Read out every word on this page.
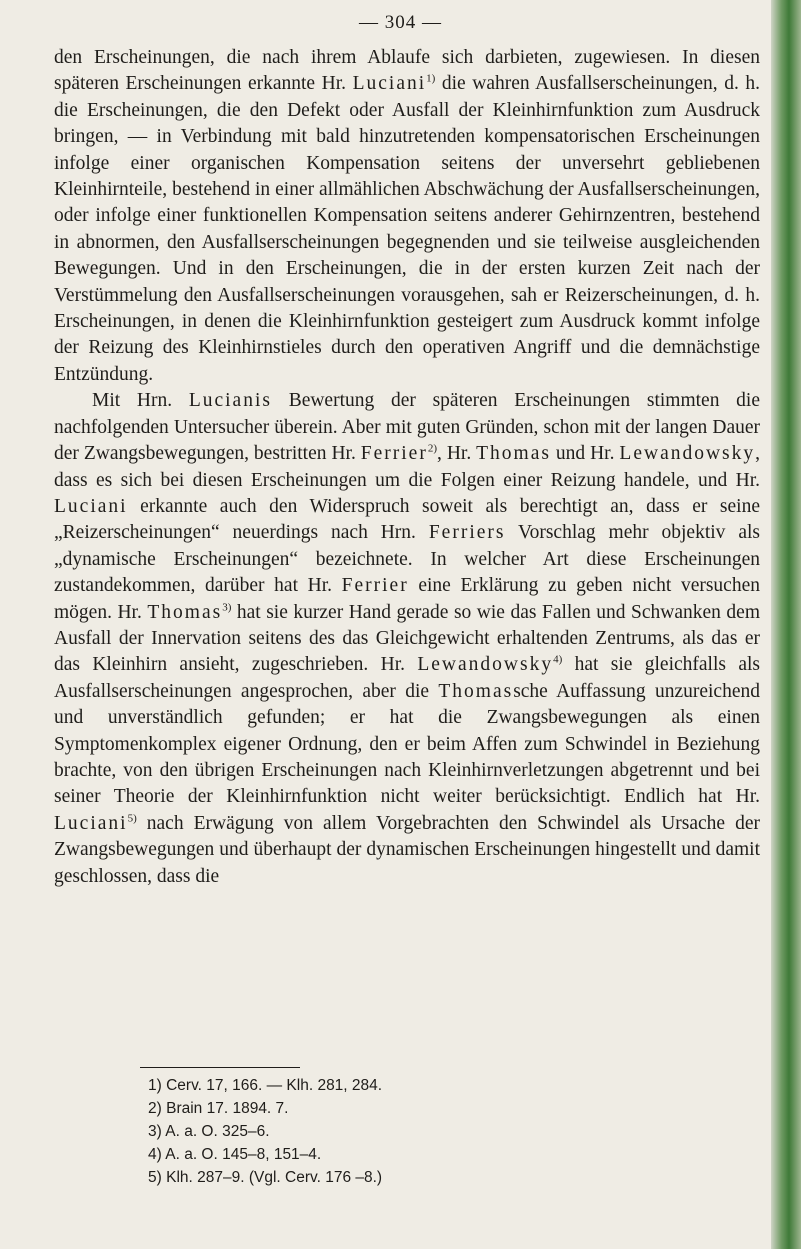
— 304 —

den Erscheinungen, die nach ihrem Ablaufe sich darbieten, zugewiesen. In diesen späteren Erscheinungen erkannte Hr. Luciani$^{1)}$ die wahren Ausfallserscheinungen, d. h. die Erscheinungen, die den Defekt oder Ausfall der Kleinhirnfunktion zum Ausdruck bringen, — in Verbindung mit bald hinzutretenden kompensatorischen Erscheinungen infolge einer organischen Kompensation seitens der unversehrt gebliebenen Kleinhirnteile, bestehend in einer allmählichen Abschwächung der Ausfallserscheinungen, oder infolge einer funktionellen Kompensation seitens anderer Gehirnzentren, bestehend in abnormen, den Ausfallserscheinungen begegnenden und sie teilweise ausgleichenden Bewegungen. Und in den Erscheinungen, die in der ersten kurzen Zeit nach der Verstümmelung den Ausfallserscheinungen vorausgehen, sah er Reizerscheinungen, d. h. Erscheinungen, in denen die Kleinhirnfunktion gesteigert zum Ausdruck kommt infolge der Reizung des Kleinhirnstieles durch den operativen Angriff und die demnächstige Entzündung.

Mit Hrn. Lucianis Bewertung der späteren Erscheinungen stimmten die nachfolgenden Untersucher überein. Aber mit guten Gründen, schon mit der langen Dauer der Zwangsbewegungen, bestritten Hr. Ferrier$^{2)}$, Hr. Thomas und Hr. Lewandowsky, dass es sich bei diesen Erscheinungen um die Folgen einer Reizung handele, und Hr. Luciani erkannte auch den Widerspruch soweit als berechtigt an, dass er seine „Reizerscheinungen“ neuerdings nach Hrn. Ferriers Vorschlag mehr objektiv als „dynamische Erscheinungen“ bezeichnete. In welcher Art diese Erscheinungen zustandekommen, darüber hat Hr. Ferrier eine Erklärung zu geben nicht versuchen mögen. Hr. Thomas$^{3)}$ hat sie kurzer Hand gerade so wie das Fallen und Schwanken dem Ausfall der Innervation seitens des das Gleichgewicht erhaltenden Zentrums, als das er das Kleinhirn ansieht, zugeschrieben. Hr. Lewandowsky$^{4)}$ hat sie gleichfalls als Ausfallserscheinungen angesprochen, aber die Thomassche Auffassung unzureichend und unverständlich gefunden; er hat die Zwangsbewegungen als einen Symptomenkomplex eigener Ordnung, den er beim Affen zum Schwindel in Beziehung brachte, von den übrigen Erscheinungen nach Kleinhirnverletzungen abgetrennt und bei seiner Theorie der Kleinhirnfunktion nicht weiter berücksichtigt. Endlich hat Hr. Luciani$^{5)}$ nach Erwägung von allem Vorgebrachten den Schwindel als Ursache der Zwangsbewegungen und überhaupt der dynamischen Erscheinungen hingestellt und damit geschlossen, dass die

1) Cerv. 17, 166. — Klh. 281, 284.
2) Brain 17. 1894. 7.
3) A. a. O. 325–6.
4) A. a. O. 145–8, 151–4.
5) Klh. 287–9. (Vgl. Cerv. 176 –8.)
